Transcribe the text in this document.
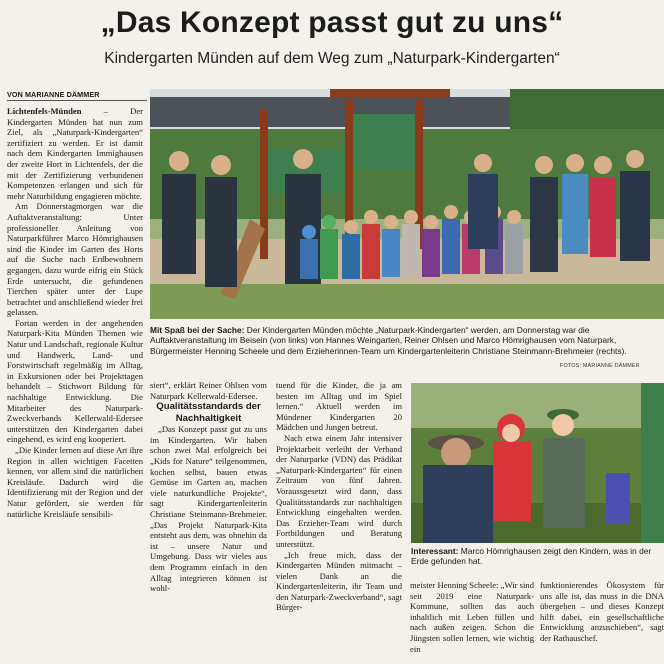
„Das Konzept passt gut zu uns“
Kindergarten Münden auf dem Weg zum „Naturpark-Kindergarten“
VON MARIANNE DÄMMER

Lichtenfels-Münden – Der Kindergarten Münden hat nun zum Ziel, als „Naturpark-Kindergarten“ zertifiziert zu werden. Er ist damit nach dem Kindergarten Immighausen der zweite Hort in Lichtenfels, der die mit der Zertifizierung verbundenen Kompetenzen erlangen und sich für mehr Naturbildung engagieren möchte.

Am Donnerstagmorgen war die Auftaktveranstaltung: Unter professioneller Anleitung von Naturparkführer Marco Hömrighausen sind die Kinder im Garten des Horts auf die Suche nach Erdbewohnern gegangen, dazu wurde eifrig ein Stück Erde untersucht, die gefundenen Tierchen später unter der Lupe betrachtet und anschließend wieder frei gelassen.

Fortan werden in der angehenden Naturpark-Kita Münden Themen wie Natur und Landschaft, regionale Kultur und Handwerk, Land- und Forstwirtschaft regelmäßig im Alltag, in Exkursionen oder bei Projekttagen behandelt – Stichwort Bildung für nachhaltige Entwicklung. Die Mitarbeiter des Naturpark-Zweckverbands Kellerwald-Edersee unterstützen den Kindergarten dabei eingehend, es wird eng kooperiert.

„Die Kinder lernen auf diese Art ihre Region in allen wichtigen Facetten kennen, vor allem sind die natürlichen Kreisläufe. Dadurch wird die Identifizierung mit der Region und der Natur gefördert, sie werden für natürliche Kreisläufe sensibili-

Mit Spaß bei der Sache: Der Kindergarten Münden möchte „Naturpark-Kindergarten“ werden, am Donnerstag war die Auftaktveranstaltung im Beisein (von links) von Hannes Weingarten, Reiner Ohlsen und Marco Hömrighausen vom Naturpark, Bürgermeister Henning Scheele und dem Erzieherinnen-Team um Kindergartenleiterin Christiane Steinmann-Brehmeier (rechts).
FOTOS: MARIANNE DÄMMER

siert“, erklärt Reiner Ohlsen vom Naturpark Kellerwald-Edersee.

Qualitätsstandards der Nachhaltigkeit

„Das Konzept passt gut zu uns im Kindergarten. Wir haben schon zwei Mal erfolgreich bei „Kids for Nature“ teilgenommen, kochen selbst, bauen etwas Gemüse im Garten an, machen viele naturkundliche Projekte“, sagt Kindergartenleiterin Christiane Steinmann-Brehmeier. „Das Projekt Naturpark-Kita entsteht aus dem, was ohnehin da ist – unsere Natur und Umgebung. Dass wir vieles aus dem Programm einfach in den Alltag integrieren können ist wohl-

tuend für die Kinder, die ja am besten im Alltag und im Spiel lernen.“ Aktuell werden im Mündener Kindergarten 20 Mädchen und Jungen betreut.

Nach etwa einem Jahr intensiver Projektarbeit verleiht der Verband der Naturparke (VDN) das Prädikat „Naturpark-Kindergarten“ für einen Zeitraum von fünf Jahren. Voraussgesetzt wird dann, dass Qualitätsstandards zur nachhaltigen Entwicklung eingehalten werden. Das Erzieher-Team wird durch Fortbildungen und Beratung unterstützt.

„Ich freue mich, dass der Kindergarten Münden mitmacht – vielen Dank an die Kindergartenleiterin, ihr Team und den Naturpark-Zweckverband“, sagt Bürger-

Interessant: Marco Hömrighausen zeigt den Kindern, was in der Erde gefunden hat.

meister Henning Scheele: „Wir sind seit 2019 eine Naturpark-Kommune, sollten das auch inhaltlich mit Leben füllen und nach außen zeigen. Schon die Jüngsten sollen lernen, wie wichtig ein

funktionierendes Ökosystem für uns alle ist, das muss in die DNA übergehen – und dieses Konzept hilft dabei, ein gesellschaftliche Entwicklung anzuschieben“, sagt der Rathauschef.
